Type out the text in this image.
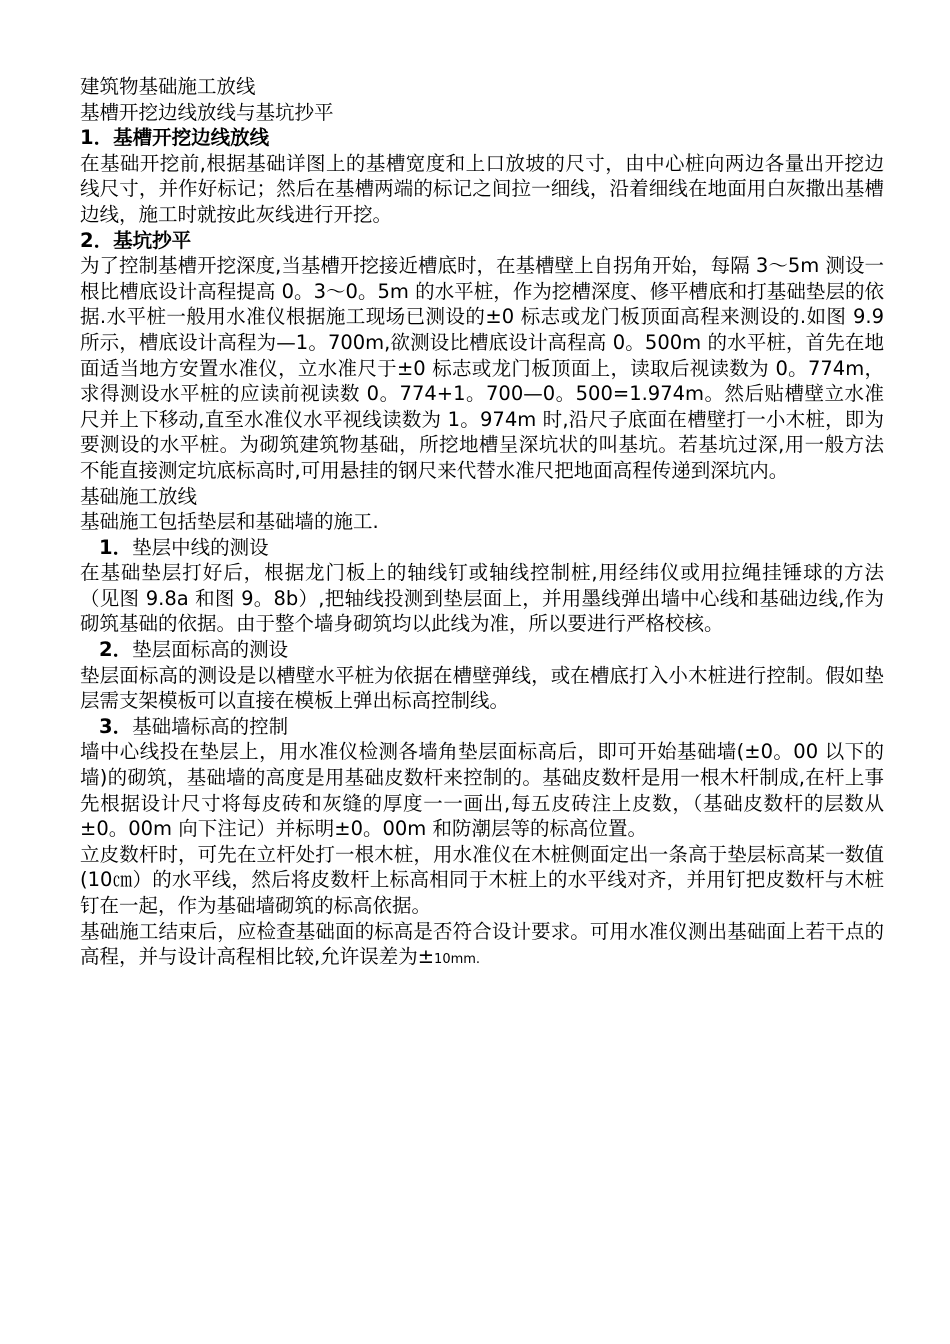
建筑物基础施工放线
基槽开挖边线放线与基坑抄平
1．基槽开挖边线放线

在基础开挖前,根据基础详图上的基槽宽度和上口放坡的尺寸，由中心桩向两边各量出开挖边线尺寸，并作好标记；然后在基槽两端的标记之间拉一细线，沿着细线在地面用白灰撒出基槽边线，施工时就按此灰线进行开挖。

2．基坑抄平

为了控制基槽开挖深度,当基槽开挖接近槽底时，在基槽壁上自拐角开始，每隔 3～5m 测设一根比槽底设计高程提高 0。3～0。5m 的水平桩，作为挖槽深度、修平槽底和打基础垫层的依据.水平桩一般用水准仪根据施工现场已测设的±0 标志或龙门板顶面高程来测设的.如图 9.9 所示，槽底设计高程为—1。700m,欲测设比槽底设计高程高 0。500m 的水平桩，首先在地面适当地方安置水准仪，立水准尺于±0 标志或龙门板顶面上，读取后视读数为 0。774m，求得测设水平桩的应读前视读数 0。774+1。700—0。500=1.974m。然后贴槽壁立水准尺并上下移动,直至水准仪水平视线读数为 1。974m 时,沿尺子底面在槽壁打一小木桩，即为要测设的水平桩。为砌筑建筑物基础，所挖地槽呈深坑状的叫基坑。若基坑过深,用一般方法不能直接测定坑底标高时,可用悬挂的钢尺来代替水准尺把地面高程传递到深坑内。

基础施工放线

基础施工包括垫层和基础墙的施工.

1．垫层中线的测设

在基础垫层打好后，根据龙门板上的轴线钉或轴线控制桩,用经纬仪或用拉绳挂锤球的方法（见图 9.8a 和图 9。8b）,把轴线投测到垫层面上，并用墨线弹出墙中心线和基础边线,作为砌筑基础的依据。由于整个墙身砌筑均以此线为准，所以要进行严格校核。

2．垫层面标高的测设

垫层面标高的测设是以槽壁水平桩为依据在槽壁弹线，或在槽底打入小木桩进行控制。假如垫层需支架模板可以直接在模板上弹出标高控制线。

3．基础墙标高的控制

墙中心线投在垫层上，用水准仪检测各墙角垫层面标高后，即可开始基础墙(±0。00 以下的墙)的砌筑，基础墙的高度是用基础皮数杆来控制的。基础皮数杆是用一根木杆制成,在杆上事先根据设计尺寸将每皮砖和灰缝的厚度一一画出,每五皮砖注上皮数，（基础皮数杆的层数从±0。00m 向下注记）并标明±0。00m 和防潮层等的标高位置。

立皮数杆时，可先在立杆处打一根木桩，用水准仪在木桩侧面定出一条高于垫层标高某一数值(10㎝）的水平线，然后将皮数杆上标高相同于木桩上的水平线对齐，并用钉把皮数杆与木桩钉在一起，作为基础墙砌筑的标高依据。

基础施工结束后，应检查基础面的标高是否符合设计要求。可用水准仪测出基础面上若干点的高程，并与设计高程相比较,允许误差为±10mm.
